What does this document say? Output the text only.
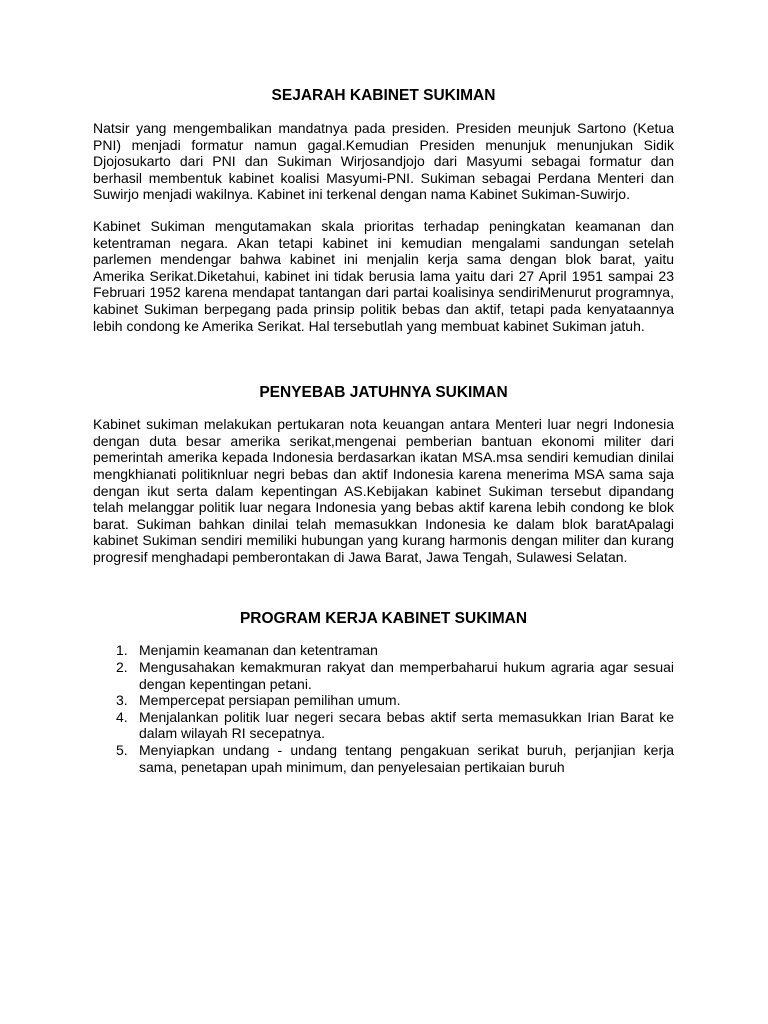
SEJARAH KABINET SUKIMAN

Natsir yang mengembalikan mandatnya pada presiden. Presiden meunjuk Sartono (Ketua PNI) menjadi formatur namun gagal.Kemudian Presiden menunjuk menunjukan Sidik Djojosukarto dari PNI dan Sukiman Wirjosandjojo dari Masyumi sebagai formatur dan berhasil membentuk kabinet koalisi Masyumi-PNI. Sukiman sebagai Perdana Menteri dan Suwirjo menjadi wakilnya. Kabinet ini terkenal dengan nama Kabinet Sukiman-Suwirjo.

Kabinet Sukiman mengutamakan skala prioritas terhadap peningkatan keamanan dan ketentraman negara. Akan tetapi kabinet ini kemudian mengalami sandungan setelah parlemen mendengar bahwa kabinet ini menjalin kerja sama dengan blok barat, yaitu Amerika Serikat.Diketahui, kabinet ini tidak berusia lama yaitu dari 27 April 1951 sampai 23 Februari 1952 karena mendapat tantangan dari partai koalisinya sendiriMenurut programnya, kabinet Sukiman berpegang pada prinsip politik bebas dan aktif, tetapi pada kenyataannya lebih condong ke Amerika Serikat. Hal tersebutlah yang membuat kabinet Sukiman jatuh.

PENYEBAB JATUHNYA SUKIMAN

Kabinet sukiman melakukan pertukaran nota keuangan antara Menteri luar negri Indonesia dengan duta besar amerika serikat,mengenai pemberian bantuan ekonomi militer dari pemerintah amerika kepada Indonesia berdasarkan ikatan MSA.msa sendiri kemudian dinilai mengkhianati politiknluar negri bebas dan aktif Indonesia karena menerima MSA sama saja dengan ikut serta dalam kepentingan AS.Kebijakan kabinet Sukiman tersebut dipandang telah melanggar politik luar negara Indonesia yang bebas aktif karena lebih condong ke blok barat. Sukiman bahkan dinilai telah memasukkan Indonesia ke dalam blok baratApalagi kabinet Sukiman sendiri memiliki hubungan yang kurang harmonis dengan militer dan kurang progresif menghadapi pemberontakan di Jawa Barat, Jawa Tengah, Sulawesi Selatan.

PROGRAM KERJA KABINET SUKIMAN
1. Menjamin keamanan dan ketentraman
2. Mengusahakan kemakmuran rakyat dan memperbaharui hukum agraria agar sesuai dengan kepentingan petani.
3. Mempercepat persiapan pemilihan umum.
4. Menjalankan politik luar negeri secara bebas aktif serta memasukkan Irian Barat ke dalam wilayah RI secepatnya.
5. Menyiapkan undang - undang tentang pengakuan serikat buruh, perjanjian kerja sama, penetapan upah minimum, dan penyelesaian pertikaian buruh
